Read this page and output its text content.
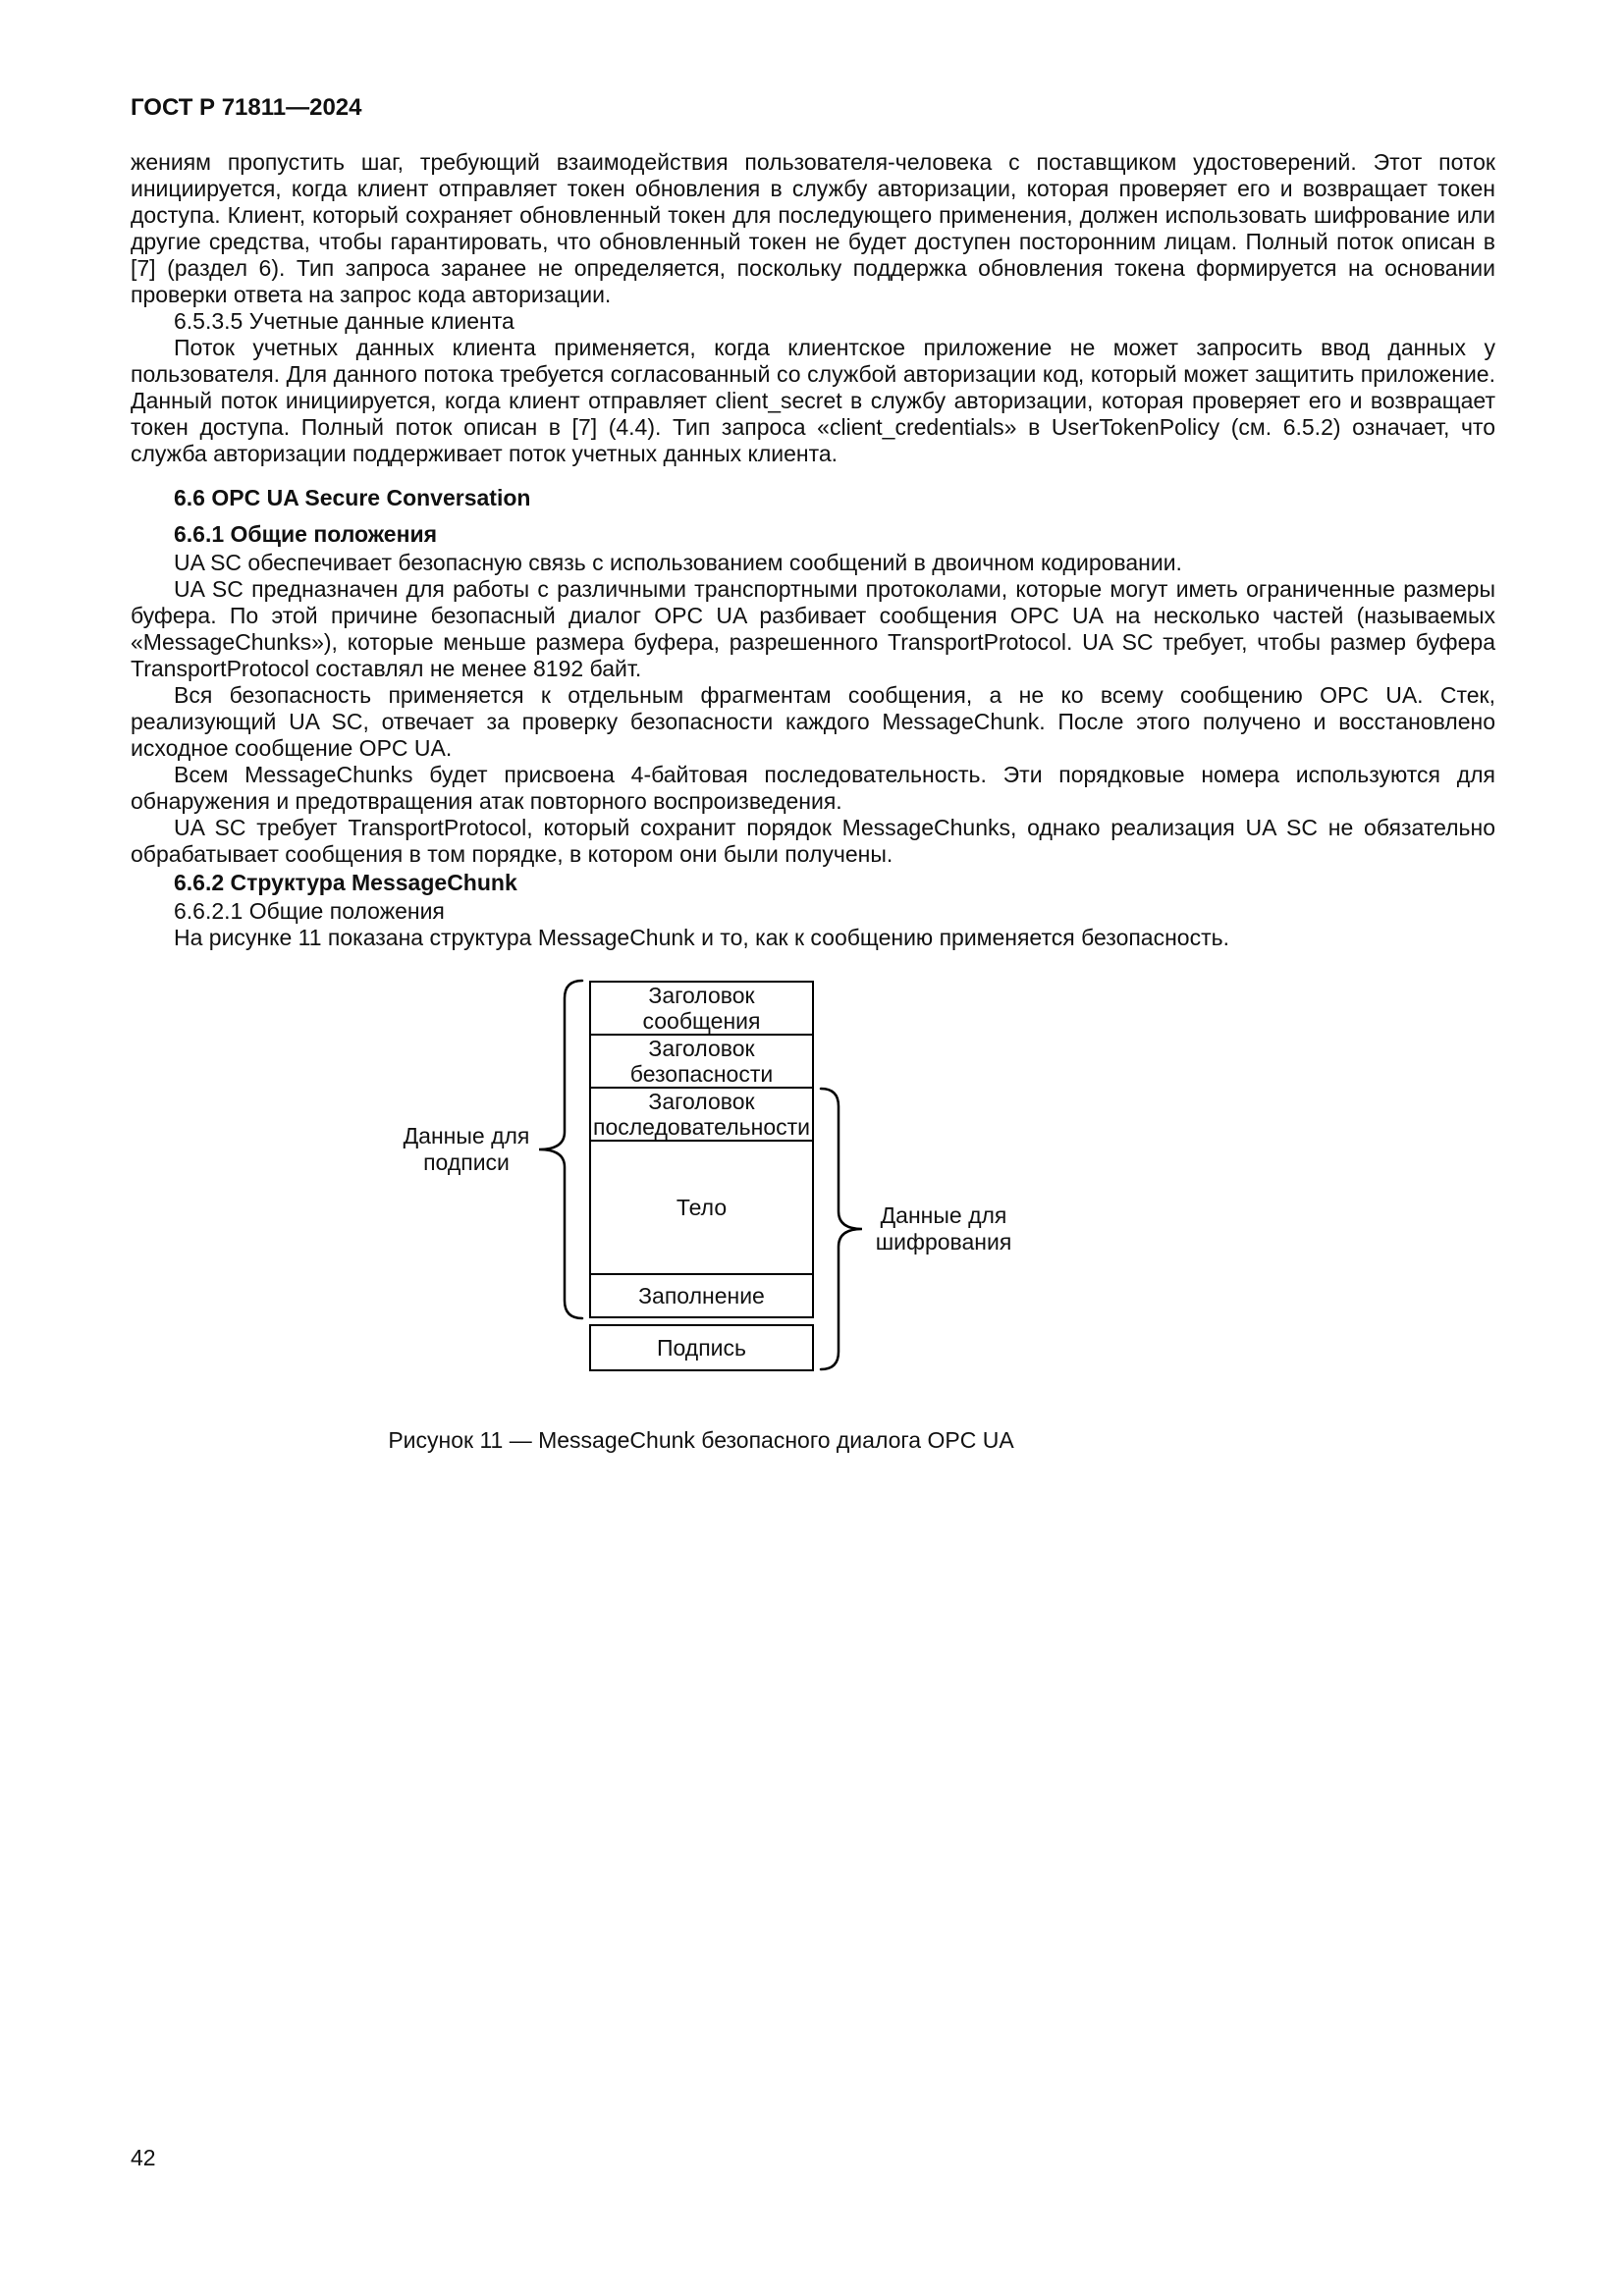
ГОСТ Р 71811—2024

жениям пропустить шаг, требующий взаимодействия пользователя-человека с поставщиком удостоверений. Этот поток инициируется, когда клиент отправляет токен обновления в службу авторизации, которая проверяет его и возвращает токен доступа. Клиент, который сохраняет обновленный токен для последующего применения, должен использовать шифрование или другие средства, чтобы гарантировать, что обновленный токен не будет доступен посторонним лицам. Полный поток описан в [7] (раздел 6). Тип запроса заранее не определяется, поскольку поддержка обновления токена формируется на основании проверки ответа на запрос кода авторизации.

6.5.3.5 Учетные данные клиента

Поток учетных данных клиента применяется, когда клиентское приложение не может запросить ввод данных у пользователя. Для данного потока требуется согласованный со службой авторизации код, который может защитить приложение. Данный поток инициируется, когда клиент отправляет client_secret в службу авторизации, которая проверяет его и возвращает токен доступа. Полный поток описан в [7] (4.4). Тип запроса «client_credentials» в UserTokenPolicy (см. 6.5.2) означает, что служба авторизации поддерживает поток учетных данных клиента.

6.6 OPC UA Secure Conversation

6.6.1 Общие положения

UA SC обеспечивает безопасную связь с использованием сообщений в двоичном кодировании.

UA SC предназначен для работы с различными транспортными протоколами, которые могут иметь ограниченные размеры буфера. По этой причине безопасный диалог OPC UA разбивает сообщения OPC UA на несколько частей (называемых «MessageChunks»), которые меньше размера буфера, разрешенного TransportProtocol. UA SC требует, чтобы размер буфера TransportProtocol составлял не менее 8192 байт.

Вся безопасность применяется к отдельным фрагментам сообщения, а не ко всему сообщению OPC UA. Стек, реализующий UA SC, отвечает за проверку безопасности каждого MessageChunk. После этого получено и восстановлено исходное сообщение OPC UA.

Всем MessageChunks будет присвоена 4-байтовая последовательность. Эти порядковые номера используются для обнаружения и предотвращения атак повторного воспроизведения.

UA SC требует TransportProtocol, который сохранит порядок MessageChunks, однако реализация UA SC не обязательно обрабатывает сообщения в том порядке, в котором они были получены.

6.6.2 Структура MessageChunk

6.6.2.1 Общие положения

На рисунке 11 показана структура MessageChunk и то, как к сообщению применяется безопасность.

Данные для подписи
Заголовок сообщения
Заголовок безопасности
Заголовок последовательности
Тело
Заполнение
Подпись
Данные для шифрования
Рисунок 11 — MessageChunk безопасного диалога OPC UA
42
